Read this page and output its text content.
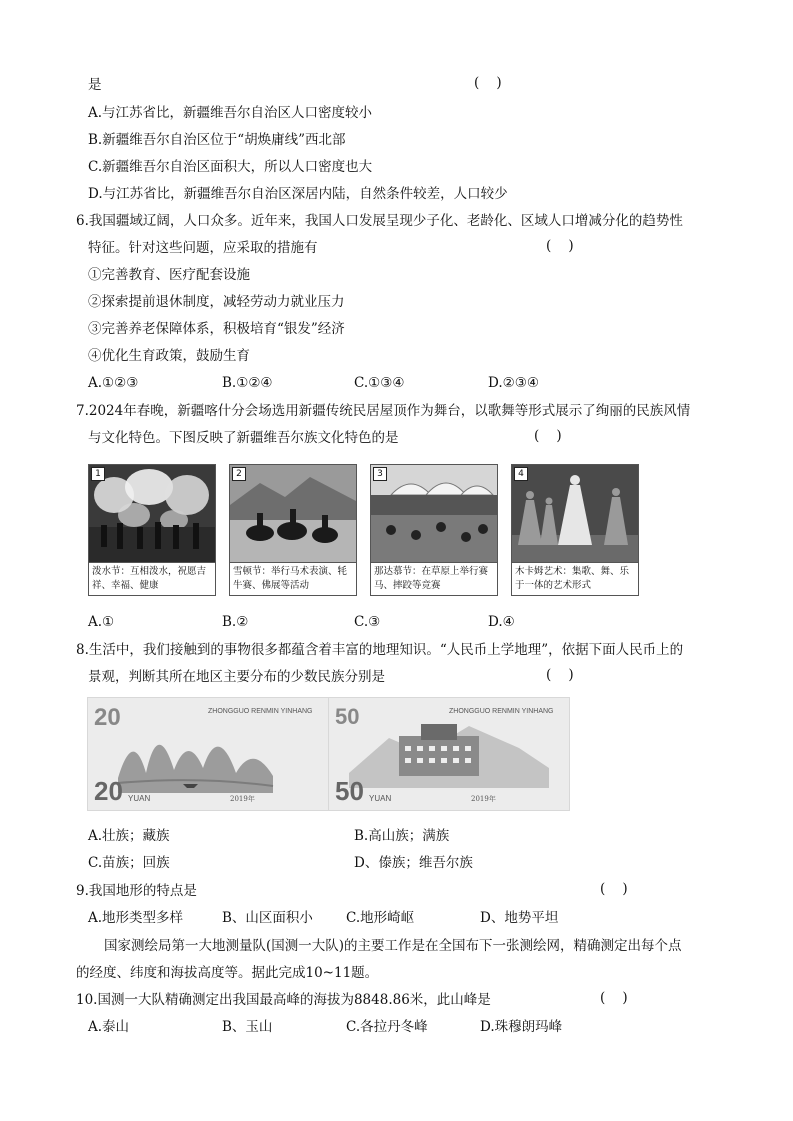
是	(    )
A.与江苏省比，新疆维吾尔自治区人口密度较小
B.新疆维吾尔自治区位于“胡焕庸线”西北部
C.新疆维吾尔自治区面积大，所以人口密度也大
D.与江苏省比，新疆维吾尔自治区深居内陆，自然条件较差，人口较少
6.我国疆域辽阔，人口众多。近年来，我国人口发展呈现少子化、老龄化、区域人口增减分化的趋势性
特征。针对这些问题，应采取的措施有	(    )
①完善教育、医疗配套设施
②探索提前退休制度，减轻劳动力就业压力
③完善养老保障体系，积极培育“银发”经济
④优化生育政策，鼓励生育
A.①②③	B.①②④	C.①③④	D.②③④
7.2024年春晚，新疆喀什分会场选用新疆传统民居屋顶作为舞台，以歌舞等形式展示了绚丽的民族风情
与文化特色。下图反映了新疆维吾尔族文化特色的是	(    )
1
泼水节：互相泼水，祝愿吉祥、幸福、健康
2
雪顿节：举行马术表演、牦牛赛、佛展等活动
3
那达慕节：在草原上举行赛马、摔跤等竞赛
4
木卡姆艺术：集歌、舞、乐于一体的艺术形式
A.①	B.②	C.③	D.④
8.生活中，我们接触到的事物很多都蕴含着丰富的地理知识。“人民币上学地理”，依据下面人民币上的
景观，判断其所在地区主要分布的少数民族分别是	(    )
20	ZHONGGUO RENMIN YINHANG
20 YUAN	2019年
50	ZHONGGUO RENMIN YINHANG
50 YUAN	2019年
A.壮族；藏族	B.高山族；满族
C.苗族；回族	D、傣族；维吾尔族
9.我国地形的特点是	(    )
A.地形类型多样	B、山区面积小 C.地形崎岖	D、地势平坦
国家测绘局第一大地测量队(国测一大队)的主要工作是在全国布下一张测绘网，精确测定出每个点
的经度、纬度和海拔高度等。据此完成10~11题。
10.国测一大队精确测定出我国最高峰的海拔为8848.86米，此山峰是	(    )
A.泰山	B、玉山	C.各拉丹冬峰	D.珠穆朗玛峰
